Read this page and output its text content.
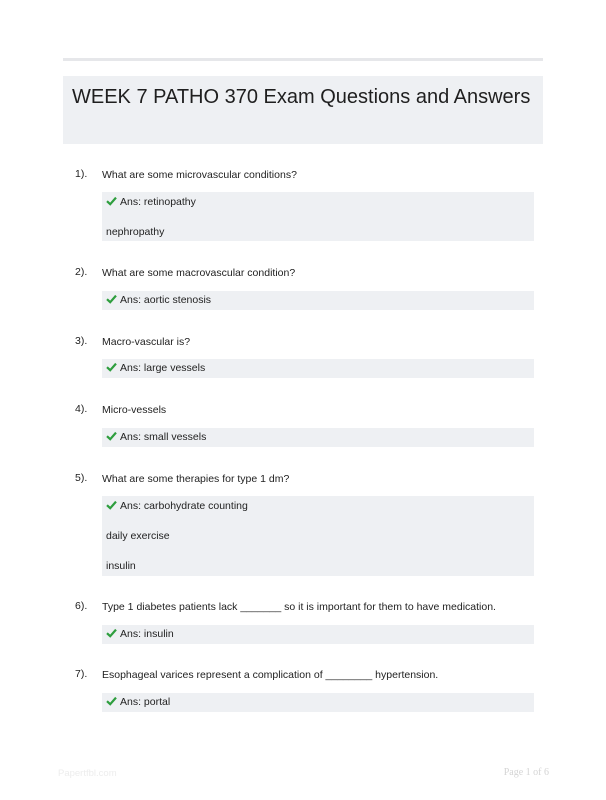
WEEK 7 PATHO 370 Exam Questions and Answers
1). What are some microvascular conditions?
Ans: retinopathy
nephropathy
2). What are some macrovascular condition?
Ans: aortic stenosis
3). Macro-vascular is?
Ans: large vessels
4). Micro-vessels
Ans: small vessels
5). What are some therapies for type 1 dm?
Ans: carbohydrate counting
daily exercise
insulin
6). Type 1 diabetes patients lack _______ so it is important for them to have medication.
Ans: insulin
7). Esophageal varices represent a complication of ________ hypertension.
Ans: portal
Papertfbl.com	Page 1 of 6
